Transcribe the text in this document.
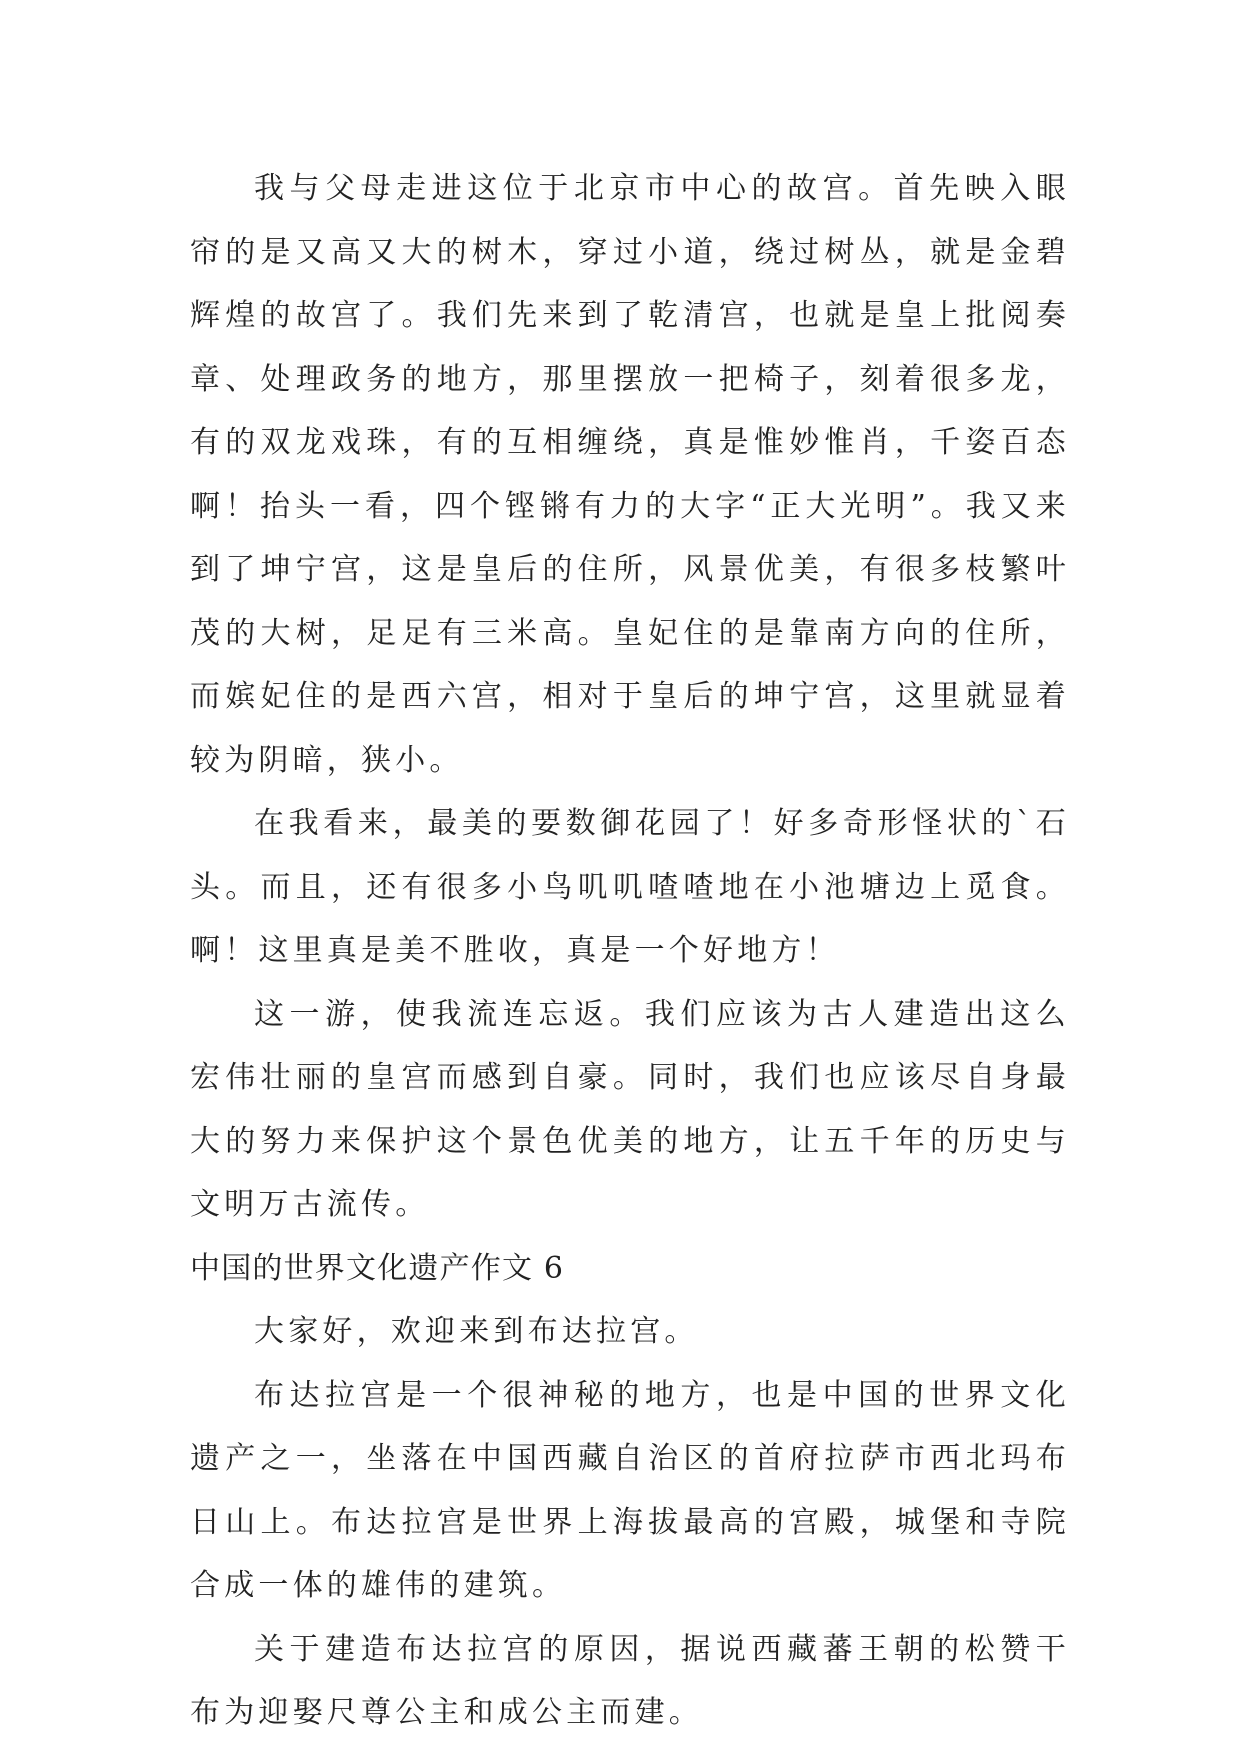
我与父母走进这位于北京市中心的故宫。首先映入眼帘的是又高又大的树木，穿过小道，绕过树丛，就是金碧辉煌的故宫了。我们先来到了乾清宫，也就是皇上批阅奏章、处理政务的地方，那里摆放一把椅子，刻着很多龙，有的双龙戏珠，有的互相缠绕，真是惟妙惟肖，千姿百态啊！抬头一看，四个铿锵有力的大字“正大光明”。我又来到了坤宁宫，这是皇后的住所，风景优美，有很多枝繁叶茂的大树，足足有三米高。皇妃住的是靠南方向的住所，而嫔妃住的是西六宫，相对于皇后的坤宁宫，这里就显着较为阴暗，狭小。

在我看来，最美的要数御花园了！好多奇形怪状的`石头。而且，还有很多小鸟叽叽喳喳地在小池塘边上觅食。啊！这里真是美不胜收，真是一个好地方！

这一游，使我流连忘返。我们应该为古人建造出这么宏伟壮丽的皇宫而感到自豪。同时，我们也应该尽自身最大的努力来保护这个景色优美的地方，让五千年的历史与文明万古流传。

中国的世界文化遗产作文 6

大家好，欢迎来到布达拉宫。

布达拉宫是一个很神秘的地方，也是中国的世界文化遗产之一，坐落在中国西藏自治区的首府拉萨市西北玛布日山上。布达拉宫是世界上海拔最高的宫殿，城堡和寺院合成一体的雄伟的建筑。

关于建造布达拉宫的原因，据说西藏蕃王朝的松赞干布为迎娶尺尊公主和成公主而建。
